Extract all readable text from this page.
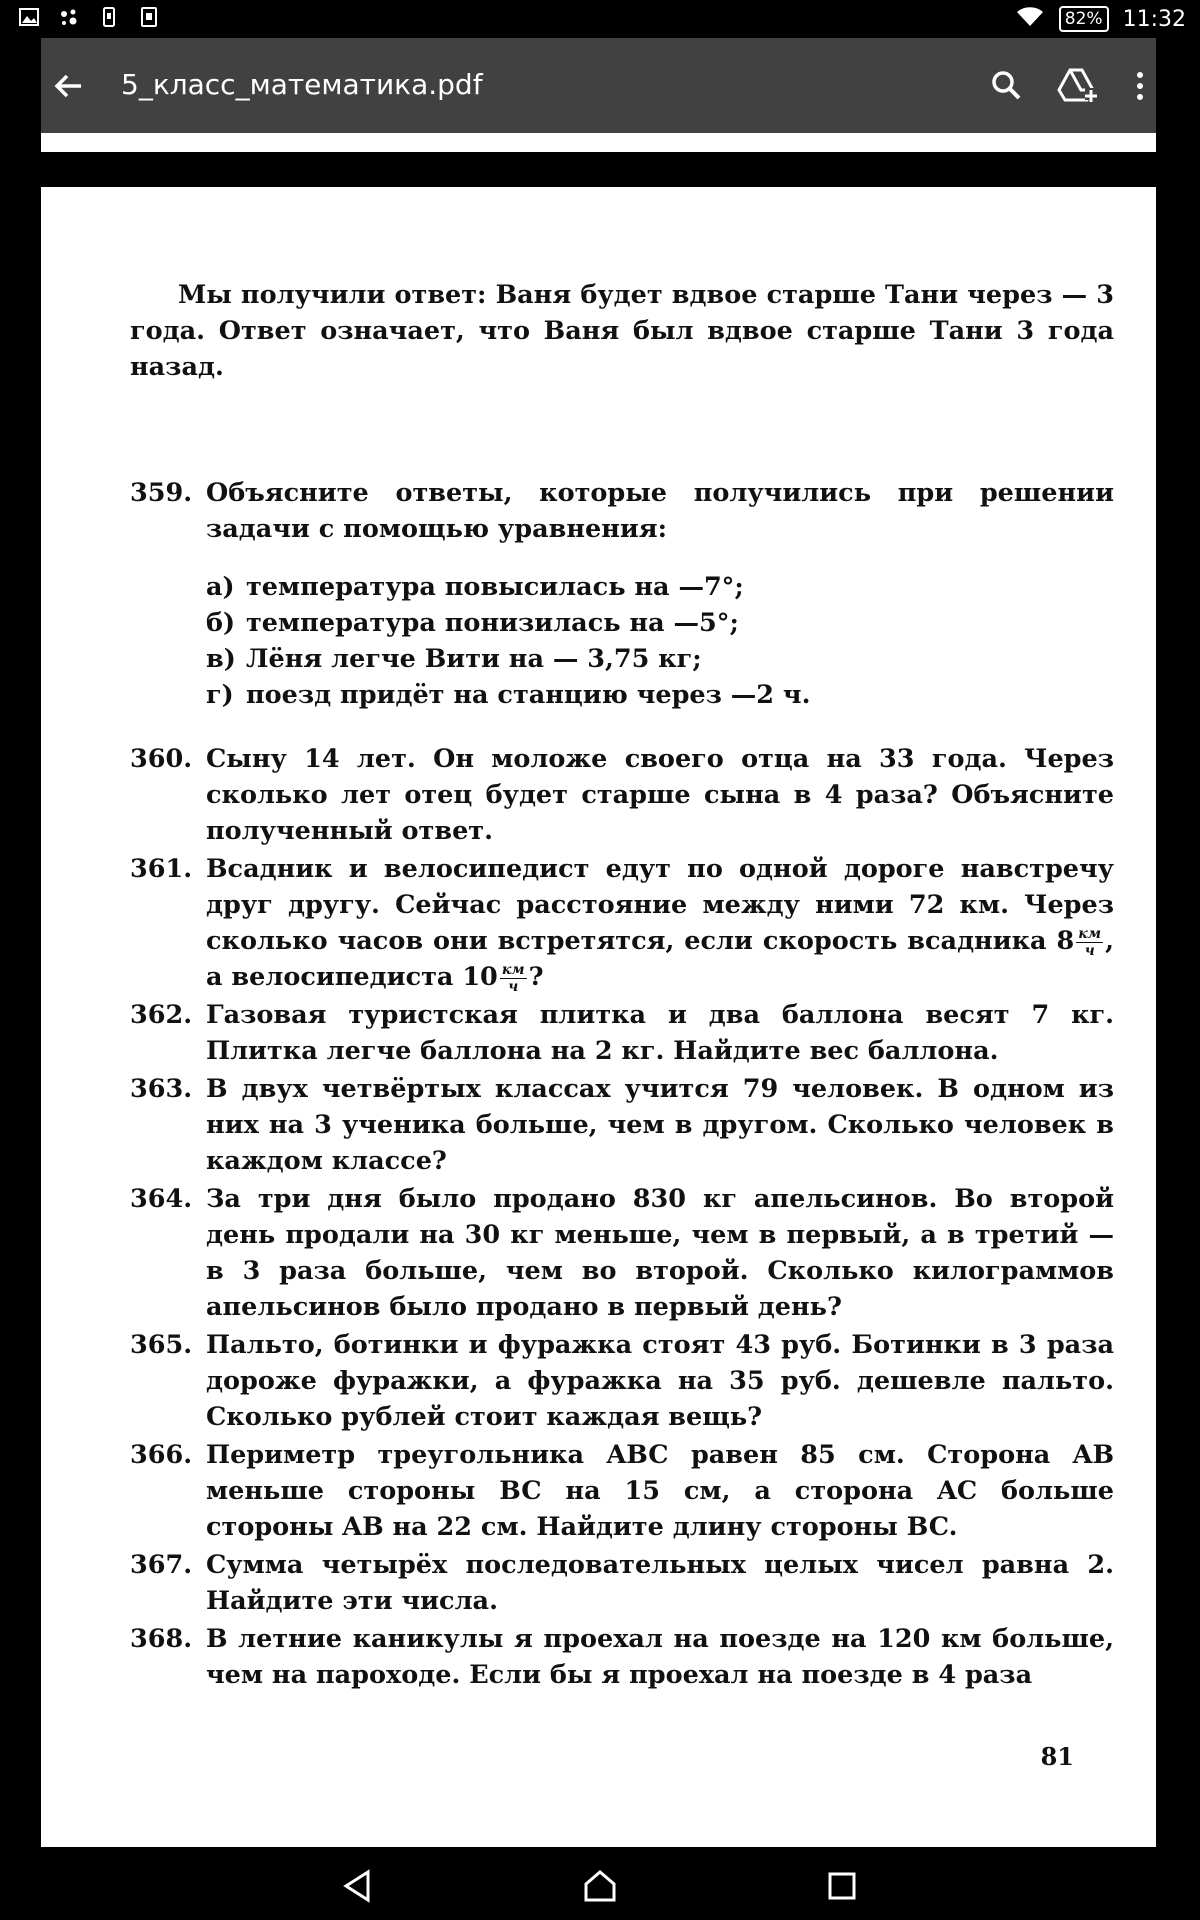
82% 11:32
5_класс_математика.pdf

Мы получили ответ: Ваня будет вдвое старше Тани через — 3 года. Ответ означает, что Ваня был вдвое старше Тани 3 года назад.

359. Объясните ответы, которые получились при решении задачи с помощью уравнения:
а) температура повысилась на —7°;
б) температура понизилась на —5°;
в) Лёня легче Вити на — 3,75 кг;
г) поезд придёт на станцию через —2 ч.
360. Сыну 14 лет. Он моложе своего отца на 33 года. Через сколько лет отец будет старше сына в 4 раза? Объясните полученный ответ.
361. Всадник и велосипедист едут по одной дороге навстречу друг другу. Сейчас расстояние между ними 72 км. Через сколько часов они встретятся, если скорость всадника $8 \frac{км}{ч}$ , а велосипедиста $10 \frac{км}{ч}$ ?
362. Газовая туристская плитка и два баллона весят 7 кг. Плитка легче баллона на 2 кг. Найдите вес баллона.
363. В двух четвёртых классах учится 79 человек. В одном из них на 3 ученика больше, чем в другом. Сколько человек в каждом классе?
364. За три дня было продано 830 кг апельсинов. Во второй день продали на 30 кг меньше, чем в первый, а в третий — в 3 раза больше, чем во второй. Сколько килограммов апельсинов было продано в первый день?
365. Пальто, ботинки и фуражка стоят 43 руб. Ботинки в 3 раза дороже фуражки, а фуражка на 35 руб. дешевле пальто. Сколько рублей стоит каждая вещь?
366. Периметр треугольника ABC равен 85 см. Сторона AB меньше стороны BC на 15 см, а сторона AC больше стороны AB на 22 см. Найдите длину стороны BC.
367. Сумма четырёх последовательных целых чисел равна 2. Найдите эти числа.
368. В летние каникулы я проехал на поезде на 120 км больше, чем на пароходе. Если бы я проехал на поезде в 4 раза
81
